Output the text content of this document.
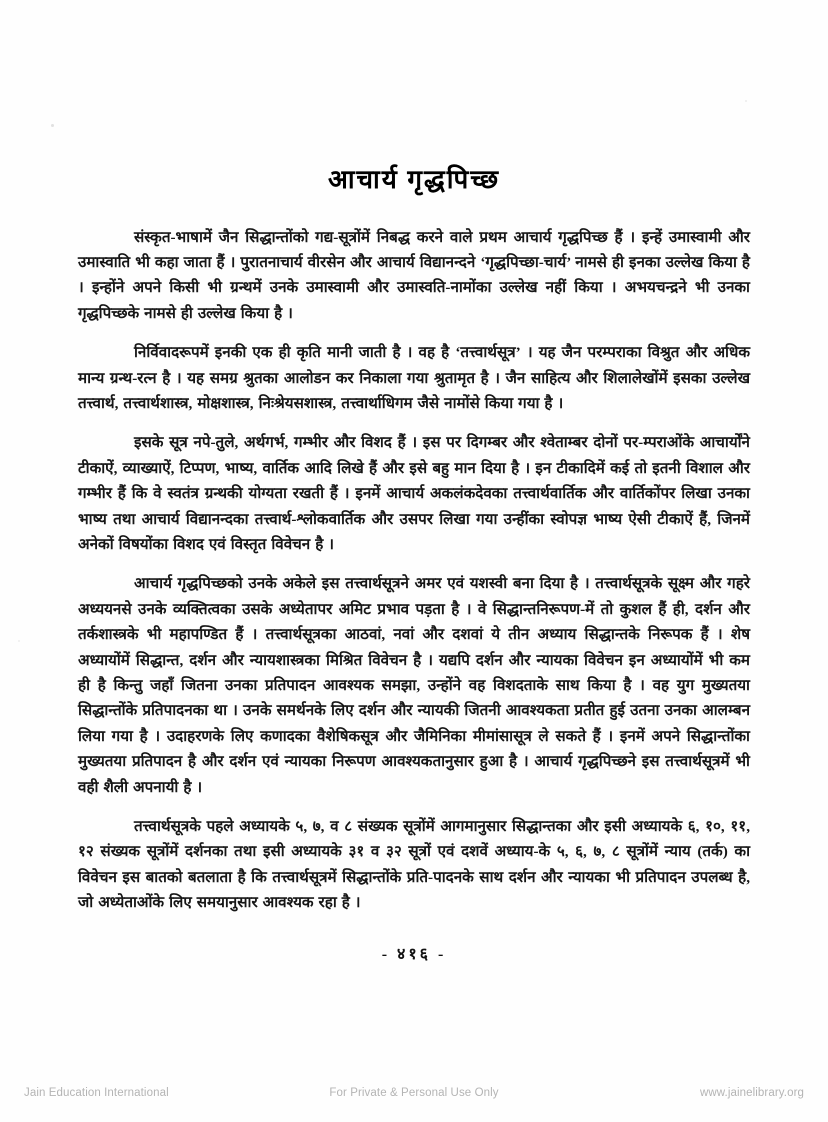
आचार्य गृद्धपिच्छ

संस्कृत-भाषामें जैन सिद्धान्तोंको गद्य-सूत्रोंमें निबद्ध करने वाले प्रथम आचार्य गृद्धपिच्छ हैं । इन्हें उमास्वामी और उमास्वाति भी कहा जाता हैं । पुरातनाचार्य वीरसेन और आचार्य विद्यानन्दने ‘गृद्धपिच्छा-चार्य’ नामसे ही इनका उल्लेख किया है । इन्होंने अपने किसी भी ग्रन्थमें उनके उमास्वामी और उमास्वति-नामोंका उल्लेख नहीं किया । अभयचन्द्रने भी उनका गृद्धपिच्छके नामसे ही उल्लेख किया है ।

निर्विवादरूपमें इनकी एक ही कृति मानी जाती है । वह है ‘तत्त्वार्थसूत्र’ । यह जैन परम्पराका विश्रुत और अधिक मान्य ग्रन्थ-रत्न है । यह समग्र श्रुतका आलोडन कर निकाला गया श्रुतामृत है । जैन साहित्य और शिलालेखोंमें इसका उल्लेख तत्त्वार्थ, तत्त्वार्थशास्त्र, मोक्षशास्त्र, निःश्रेयसशास्त्र, तत्त्वार्थाधिगम जैसे नामोंसे किया गया है ।

इसके सूत्र नपे-तुले, अर्थगर्भ, गम्भीर और विशद हैं । इस पर दिगम्बर और श्वेताम्बर दोनों पर-म्पराओंके आचार्योंने टीकाऐं, व्याख्याऐं, टिप्पण, भाष्य, वार्तिक आदि लिखे हैं और इसे बहु मान दिया है । इन टीकादिमें कई तो इतनी विशाल और गम्भीर हैं कि वे स्वतंत्र ग्रन्थकी योग्यता रखती हैं । इनमें आचार्य अकलंकदेवका तत्त्वार्थवार्तिक और वार्तिकोंपर लिखा उनका भाष्य तथा आचार्य विद्यानन्दका तत्त्वार्थ-श्लोकवार्तिक और उसपर लिखा गया उन्हींका स्वोपज्ञ भाष्य ऐसी टीकाऐं हैं, जिनमें अनेकों विषयोंका विशद एवं विस्तृत विवेचन है ।

आचार्य गृद्धपिच्छको उनके अकेले इस तत्त्वार्थसूत्रने अमर एवं यशस्वी बना दिया है । तत्त्वार्थसूत्रके सूक्ष्म और गहरे अध्ययनसे उनके व्यक्तित्वका उसके अध्येतापर अमिट प्रभाव पड़ता है । वे सिद्धान्तनिरूपण-में तो कुशल हैं ही, दर्शन और तर्कशास्त्रके भी महापण्डित हैं । तत्त्वार्थसूत्रका आठवां, नवां और दशवां ये तीन अध्याय सिद्धान्तके निरूपक हैं । शेष अध्यायोंमें सिद्धान्त, दर्शन और न्यायशास्त्रका मिश्रित विवेचन है । यद्यपि दर्शन और न्यायका विवेचन इन अध्यायोंमें भी कम ही है किन्तु जहाँ जितना उनका प्रतिपादन आवश्यक समझा, उन्होंने वह विशदताके साथ किया है । वह युग मुख्यतया सिद्धान्तोंके प्रतिपादनका था । उनके समर्थनके लिए दर्शन और न्यायकी जितनी आवश्यकता प्रतीत हुई उतना उनका आलम्बन लिया गया है । उदाहरणके लिए कणादका वैशेषिकसूत्र और जैमिनिका मीमांसासूत्र ले सकते हैं । इनमें अपने सिद्धान्तोंका मुख्यतया प्रतिपादन है और दर्शन एवं न्यायका निरूपण आवश्यकतानुसार हुआ है । आचार्य गृद्धपिच्छने इस तत्त्वार्थसूत्रमें भी वही शैली अपनायी है ।

तत्त्वार्थसूत्रके पहले अध्यायके ५, ७, व ८ संख्यक सूत्रोंमें आगमानुसार सिद्धान्तका और इसी अध्यायके ६, १०, ११, १२ संख्यक सूत्रोंमें दर्शनका तथा इसी अध्यायके ३१ व ३२ सूत्रों एवं दशवें अध्याय-के ५, ६, ७, ८ सूत्रोंमें न्याय (तर्क) का विवेचन इस बातको बतलाता है कि तत्त्वार्थसूत्रमें सिद्धान्तोंके प्रति-पादनके साथ दर्शन और न्यायका भी प्रतिपादन उपलब्ध है, जो अध्येताओंके लिए समयानुसार आवश्यक रहा है ।

- ४१६ -
Jain Education International	For Private & Personal Use Only	www.jainelibrary.org
